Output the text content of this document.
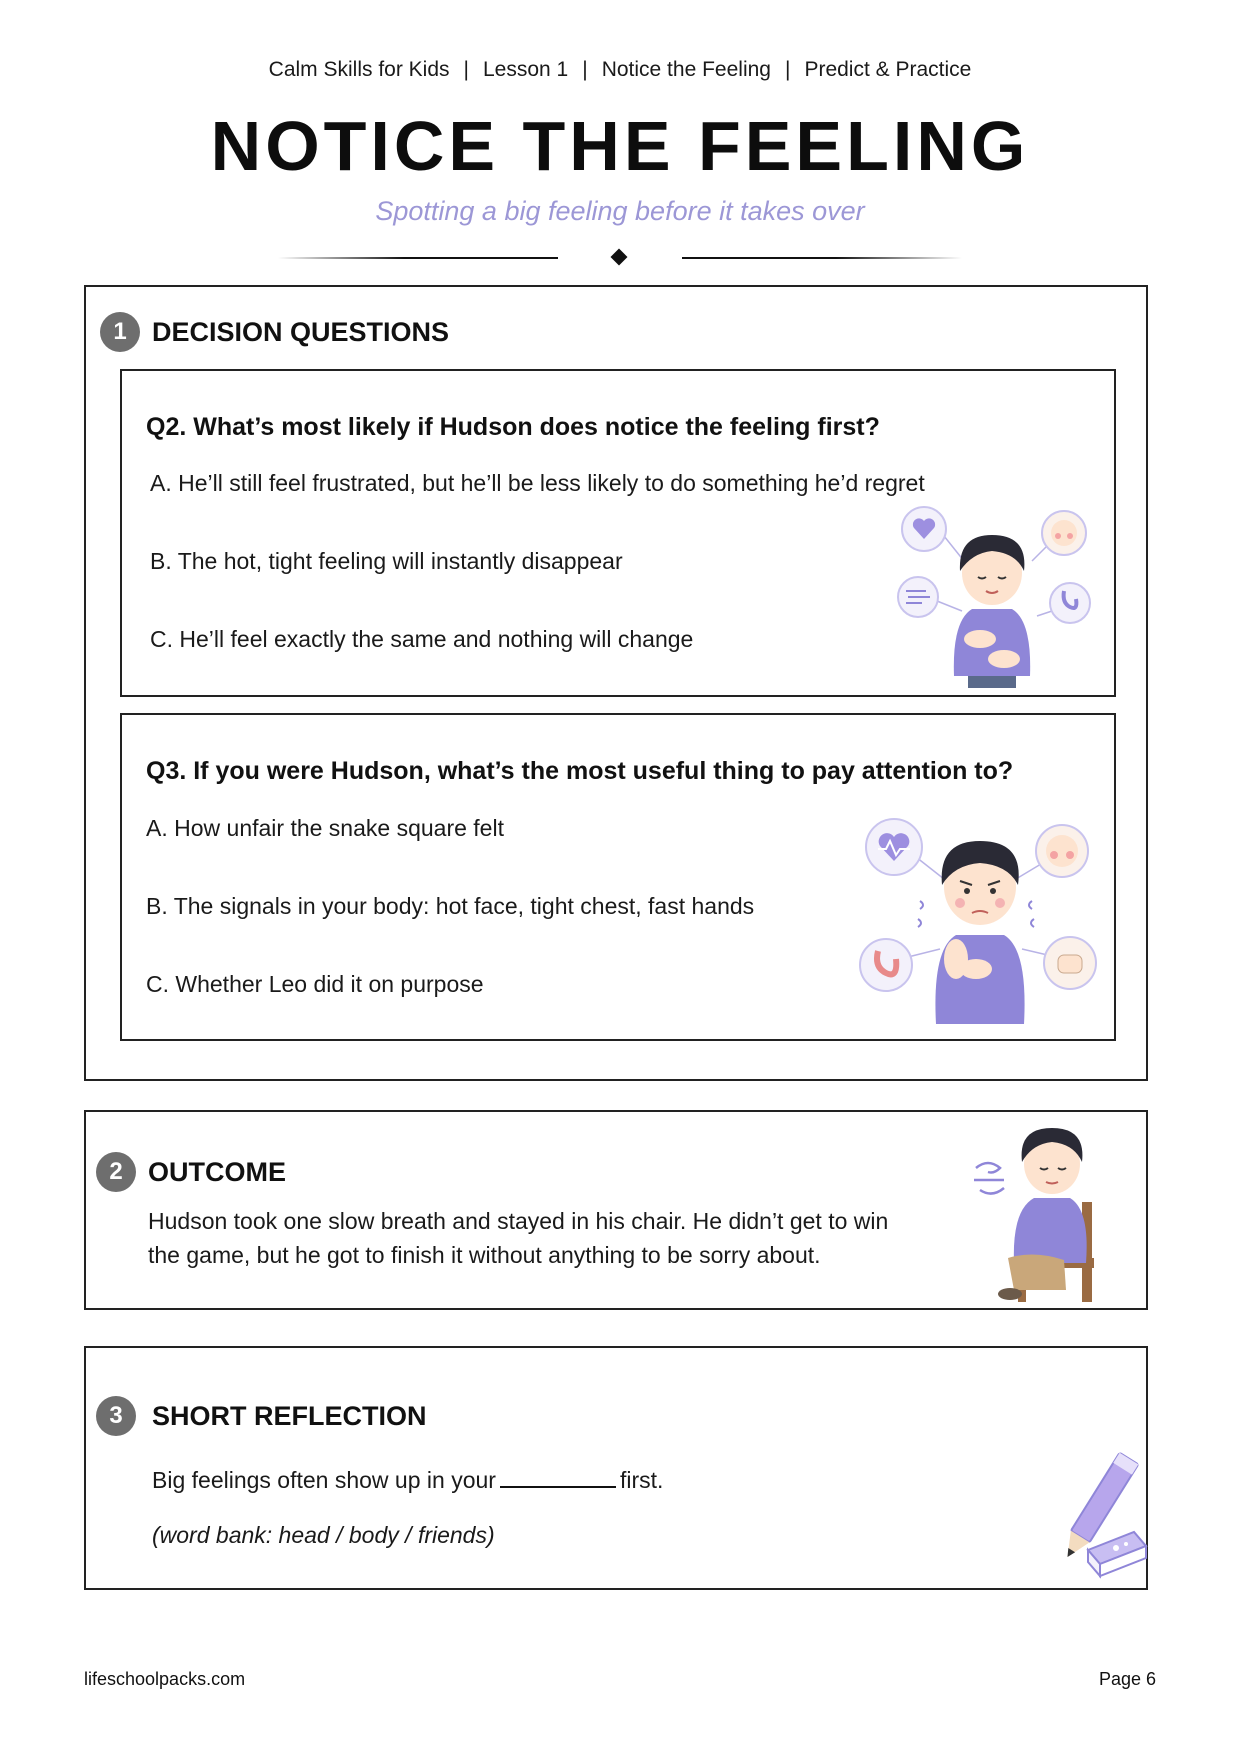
Calm Skills for Kids | Lesson 1 | Notice the Feeling | Predict & Practice
NOTICE THE FEELING
Spotting a big feeling before it takes over
1 DECISION QUESTIONS
Q2. What’s most likely if Hudson does notice the feeling first?
A. He’ll still feel frustrated, but he’ll be less likely to do something he’d regret
B. The hot, tight feeling will instantly disappear
C. He’ll feel exactly the same and nothing will change
Q3. If you were Hudson, what’s the most useful thing to pay attention to?
A. How unfair the snake square felt
B. The signals in your body: hot face, tight chest, fast hands
C. Whether Leo did it on purpose
2 OUTCOME
Hudson took one slow breath and stayed in his chair. He didn’t get to win
the game, but he got to finish it without anything to be sorry about.
3	SHORT REFLECTION
Big feelings often show up in your	first.
(word bank: head / body / friends)
lifeschoolpacks.com	Page 6
